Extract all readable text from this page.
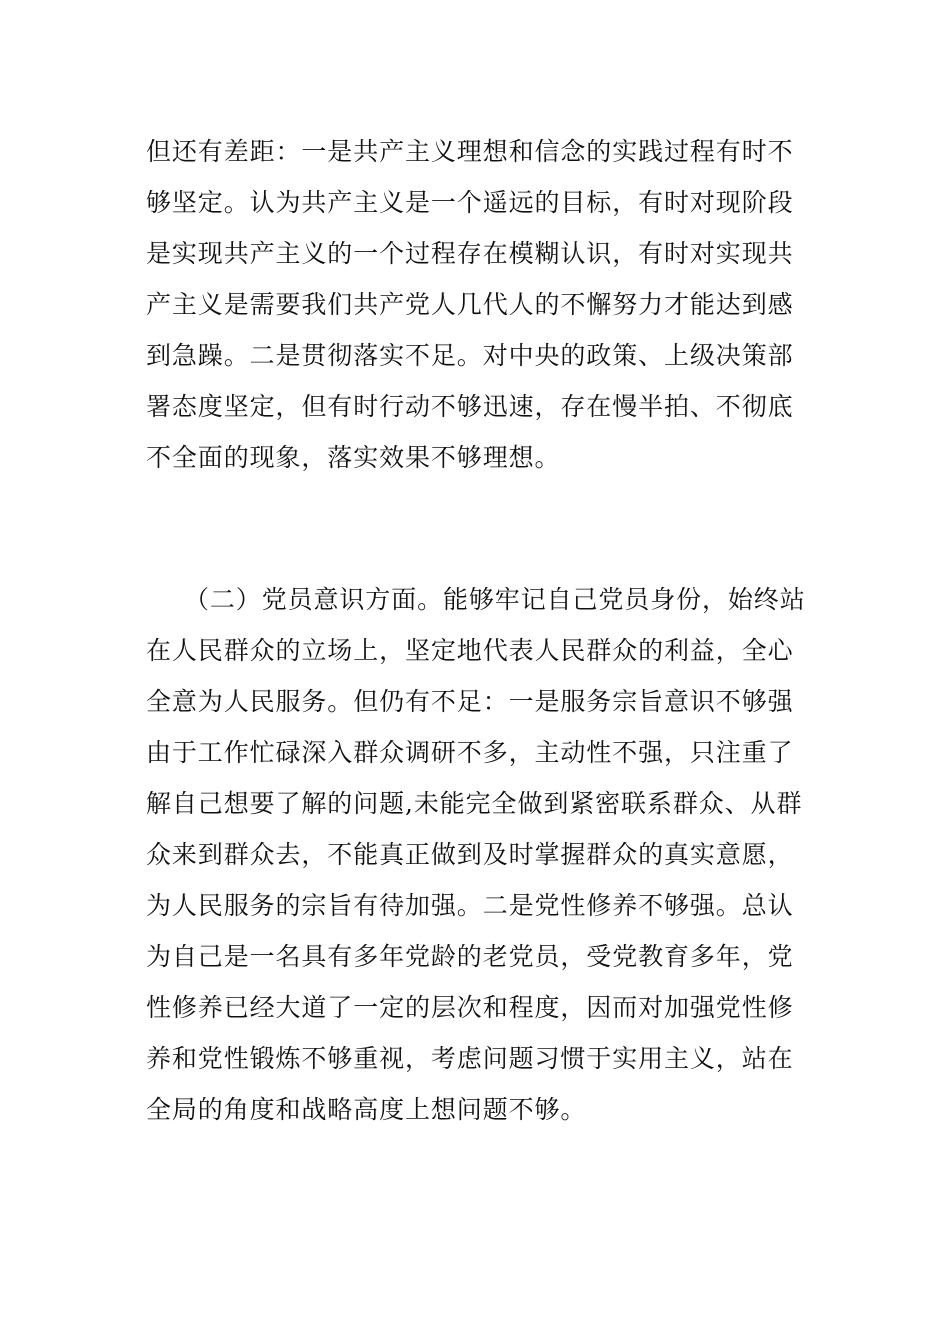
但还有差距：一是共产主义理想和信念的实践过程有时不
够坚定。认为共产主义是一个遥远的目标，有时对现阶段
是实现共产主义的一个过程存在模糊认识，有时对实现共
产主义是需要我们共产党人几代人的不懈努力才能达到感
到急躁。二是贯彻落实不足。对中央的政策、上级决策部
署态度坚定，但有时行动不够迅速，存在慢半拍、不彻底
不全面的现象，落实效果不够理想。
（二）党员意识方面。能够牢记自己党员身份，始终站
在人民群众的立场上，坚定地代表人民群众的利益，全心
全意为人民服务。但仍有不足：一是服务宗旨意识不够强
由于工作忙碌深入群众调研不多，主动性不强，只注重了
解自己想要了解的问题,未能完全做到紧密联系群众、从群
众来到群众去，不能真正做到及时掌握群众的真实意愿，
为人民服务的宗旨有待加强。二是党性修养不够强。总认
为自己是一名具有多年党龄的老党员，受党教育多年，党
性修养已经大道了一定的层次和程度，因而对加强党性修
养和党性锻炼不够重视，考虑问题习惯于实用主义，站在
全局的角度和战略高度上想问题不够。
